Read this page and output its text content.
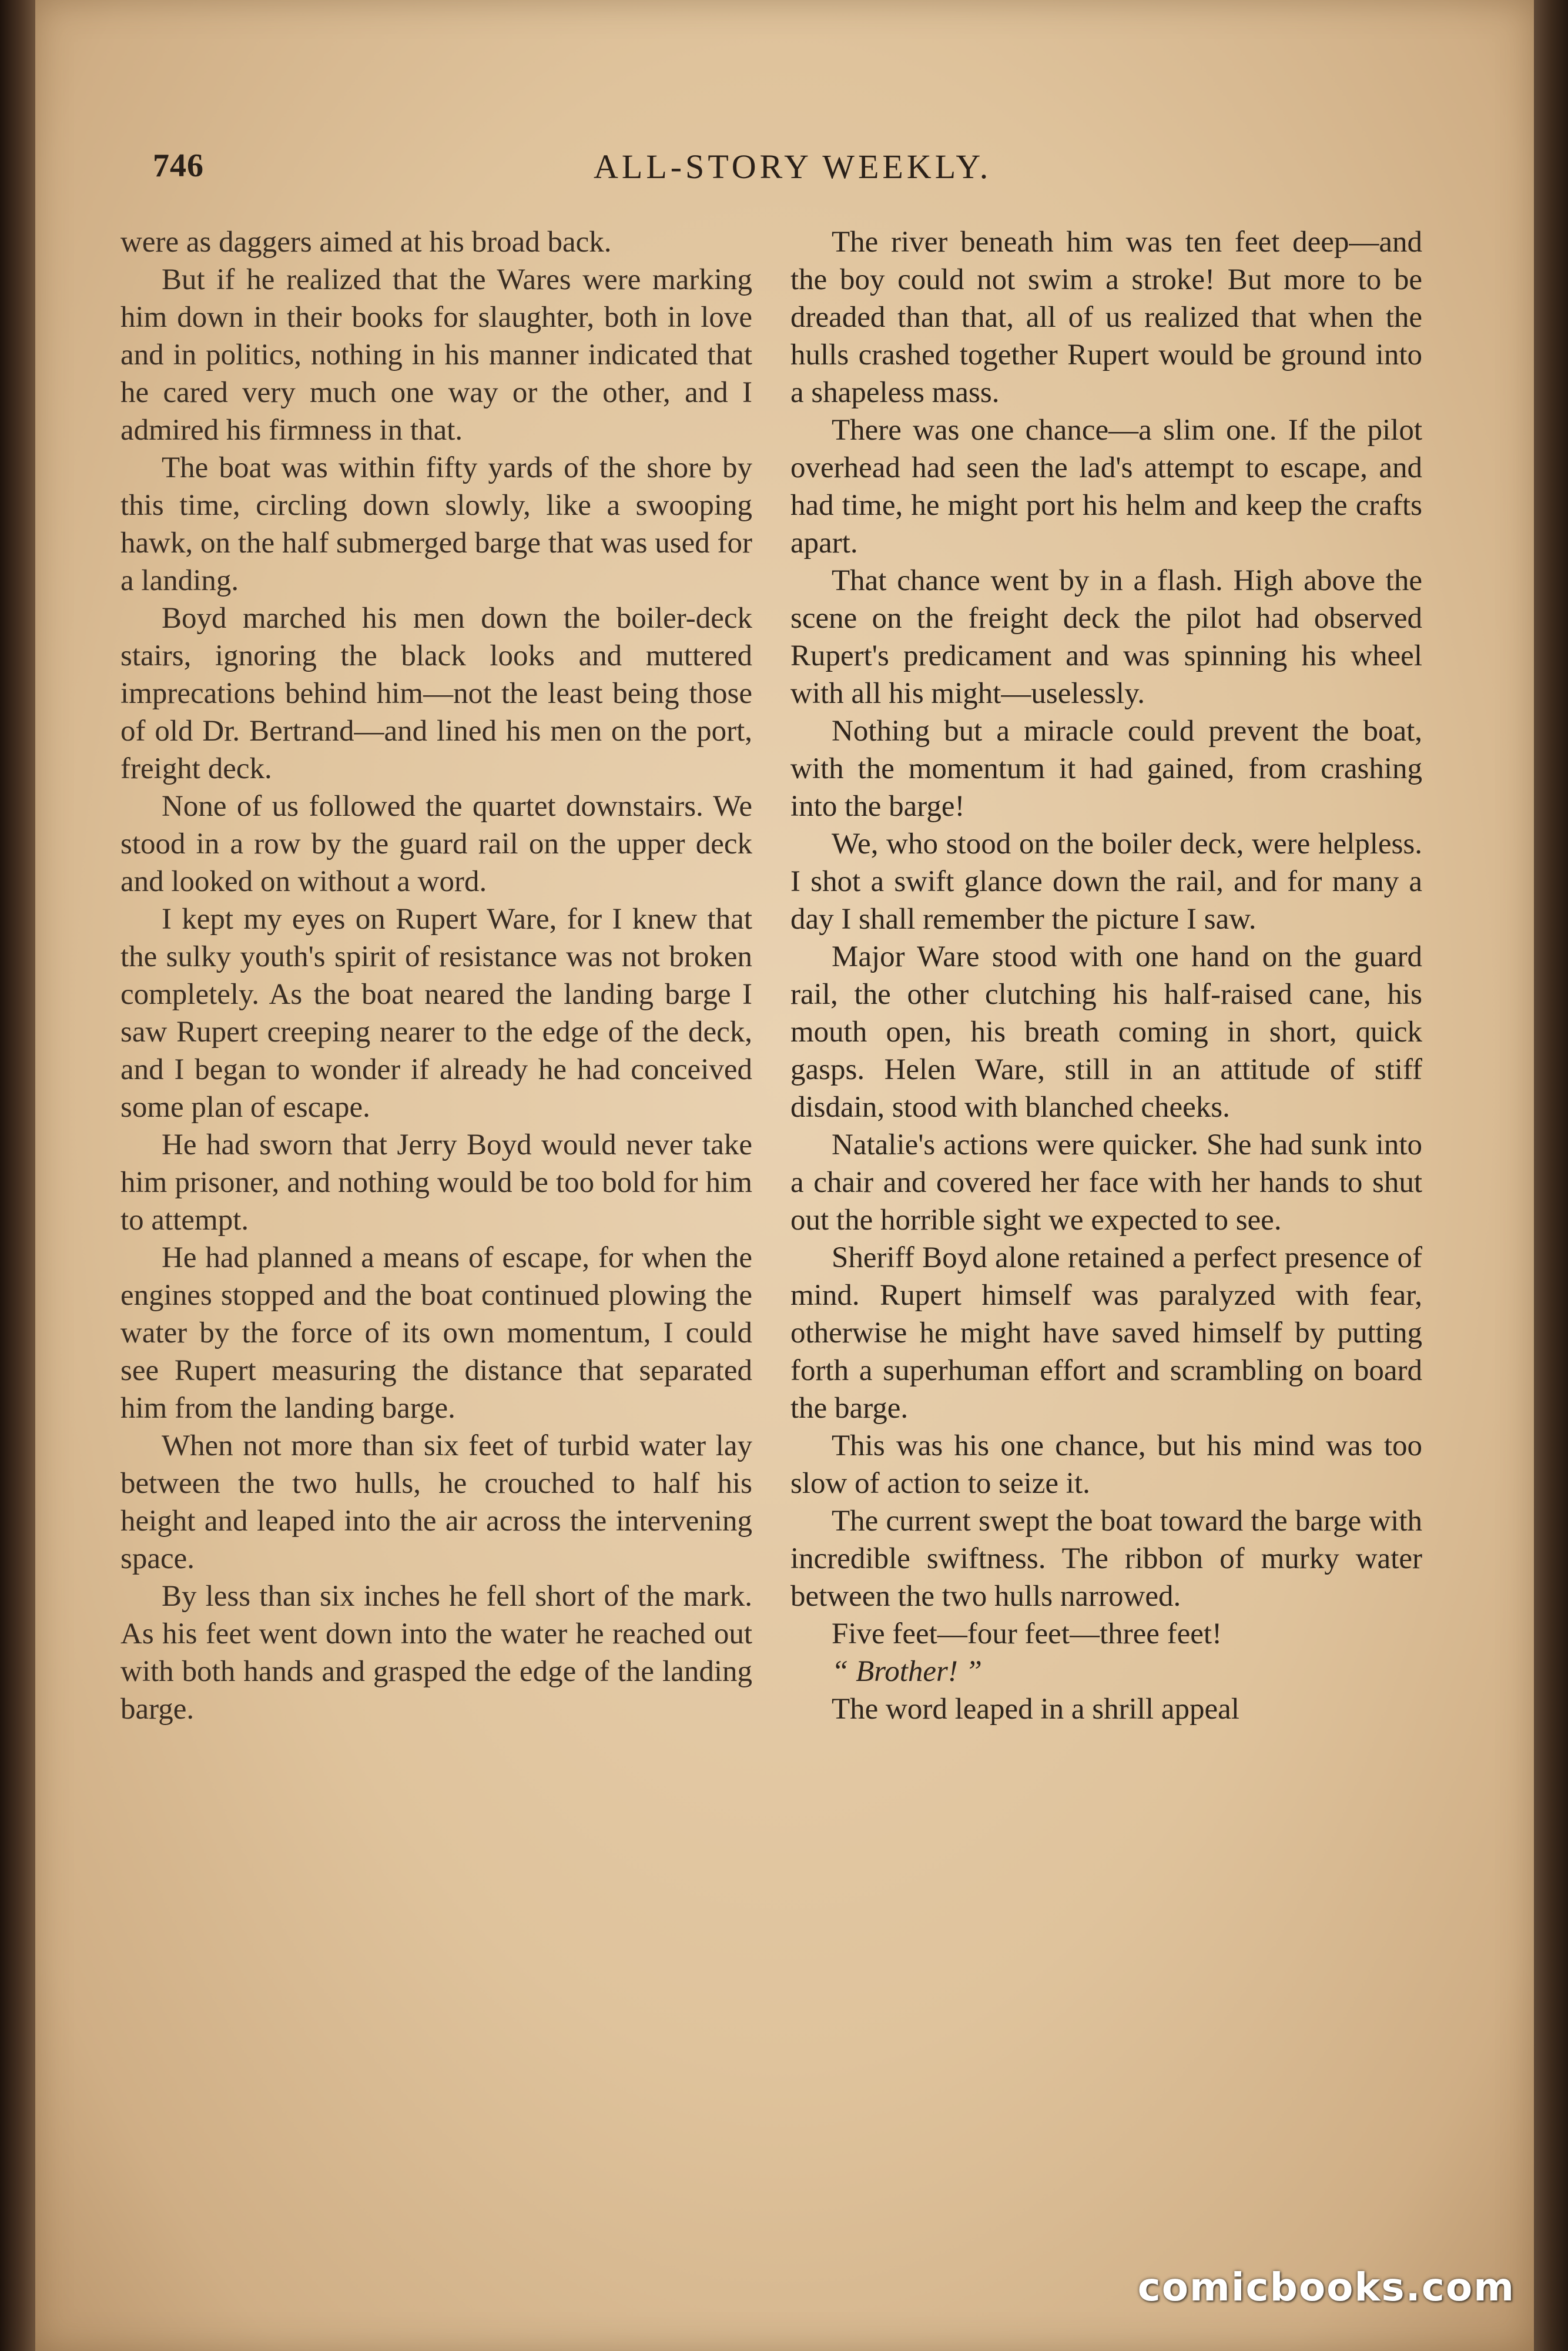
746	ALL-STORY WEEKLY.

were as daggers aimed at his broad back.

But if he realized that the Wares were marking him down in their books for slaughter, both in love and in politics, nothing in his manner indicated that he cared very much one way or the other, and I admired his firmness in that.

The boat was within fifty yards of the shore by this time, circling down slowly, like a swooping hawk, on the half submerged barge that was used for a landing.

Boyd marched his men down the boiler-deck stairs, ignoring the black looks and muttered imprecations behind him—not the least being those of old Dr. Bertrand—and lined his men on the port, freight deck.

None of us followed the quartet downstairs. We stood in a row by the guard rail on the upper deck and looked on without a word.

I kept my eyes on Rupert Ware, for I knew that the sulky youth's spirit of resistance was not broken completely. As the boat neared the landing barge I saw Rupert creeping nearer to the edge of the deck, and I began to wonder if already he had conceived some plan of escape.

He had sworn that Jerry Boyd would never take him prisoner, and nothing would be too bold for him to attempt.

He had planned a means of escape, for when the engines stopped and the boat continued plowing the water by the force of its own momentum, I could see Rupert measuring the distance that separated him from the landing barge.

When not more than six feet of turbid water lay between the two hulls, he crouched to half his height and leaped into the air across the intervening space.

By less than six inches he fell short of the mark. As his feet went down into the water he reached out with both hands and grasped the edge of the landing barge.

The river beneath him was ten feet deep—and the boy could not swim a stroke! But more to be dreaded than that, all of us realized that when the hulls crashed together Rupert would be ground into a shapeless mass.

There was one chance—a slim one. If the pilot overhead had seen the lad's attempt to escape, and had time, he might port his helm and keep the crafts apart.

That chance went by in a flash. High above the scene on the freight deck the pilot had observed Rupert's predicament and was spinning his wheel with all his might—uselessly.

Nothing but a miracle could prevent the boat, with the momentum it had gained, from crashing into the barge!

We, who stood on the boiler deck, were helpless. I shot a swift glance down the rail, and for many a day I shall remember the picture I saw.

Major Ware stood with one hand on the guard rail, the other clutching his half-raised cane, his mouth open, his breath coming in short, quick gasps. Helen Ware, still in an attitude of stiff disdain, stood with blanched cheeks.

Natalie's actions were quicker. She had sunk into a chair and covered her face with her hands to shut out the horrible sight we expected to see.

Sheriff Boyd alone retained a perfect presence of mind. Rupert himself was paralyzed with fear, otherwise he might have saved himself by putting forth a superhuman effort and scrambling on board the barge.

This was his one chance, but his mind was too slow of action to seize it.

The current swept the boat toward the barge with incredible swiftness. The ribbon of murky water between the two hulls narrowed.

Five feet—four feet—three feet!

“ Brother! ”

The word leaped in a shrill appeal

comicbooks.com
